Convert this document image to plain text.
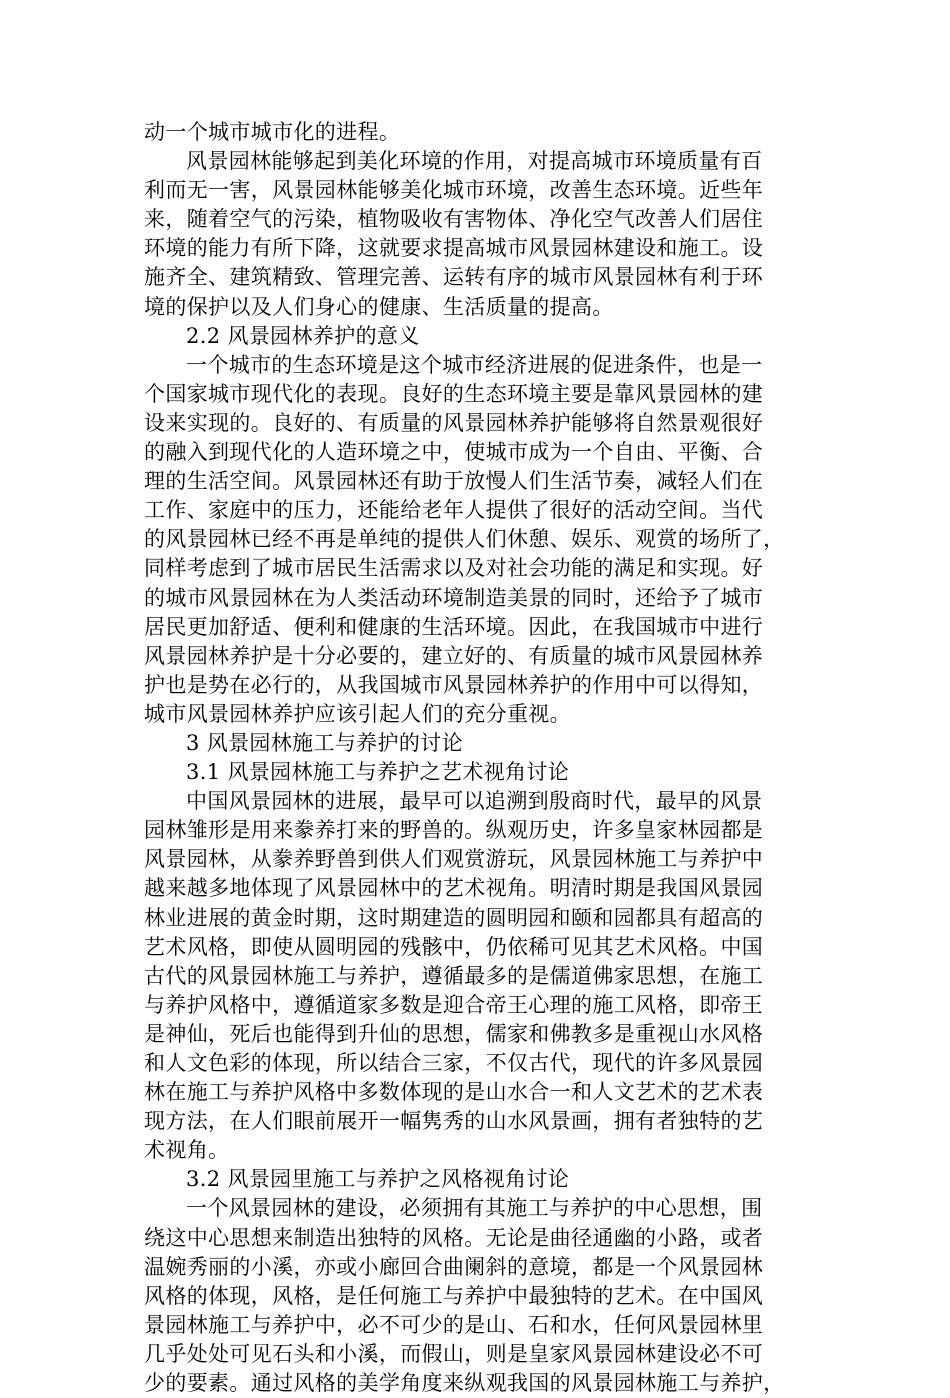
动一个城市城市化的进程。
风景园林能够起到美化环境的作用，对提高城市环境质量有百
利而无一害，风景园林能够美化城市环境，改善生态环境。近些年
来，随着空气的污染，植物吸收有害物体、净化空气改善人们居住
环境的能力有所下降，这就要求提高城市风景园林建设和施工。设
施齐全、建筑精致、管理完善、运转有序的城市风景园林有利于环
境的保护以及人们身心的健康、生活质量的提高。
2.2 风景园林养护的意义
一个城市的生态环境是这个城市经济进展的促进条件，也是一
个国家城市现代化的表现。良好的生态环境主要是靠风景园林的建
设来实现的。良好的、有质量的风景园林养护能够将自然景观很好
的融入到现代化的人造环境之中，使城市成为一个自由、平衡、合
理的生活空间。风景园林还有助于放慢人们生活节奏，减轻人们在
工作、家庭中的压力，还能给老年人提供了很好的活动空间。当代
的风景园林已经不再是单纯的提供人们休憩、娱乐、观赏的场所了，
同样考虑到了城市居民生活需求以及对社会功能的满足和实现。好
的城市风景园林在为人类活动环境制造美景的同时，还给予了城市
居民更加舒适、便利和健康的生活环境。因此，在我国城市中进行
风景园林养护是十分必要的，建立好的、有质量的城市风景园林养
护也是势在必行的，从我国城市风景园林养护的作用中可以得知，
城市风景园林养护应该引起人们的充分重视。
3 风景园林施工与养护的讨论
3.1 风景园林施工与养护之艺术视角讨论
中国风景园林的进展，最早可以追溯到殷商时代，最早的风景
园林雏形是用来豢养打来的野兽的。纵观历史，许多皇家林园都是
风景园林，从豢养野兽到供人们观赏游玩，风景园林施工与养护中
越来越多地体现了风景园林中的艺术视角。明清时期是我国风景园
林业进展的黄金时期，这时期建造的圆明园和颐和园都具有超高的
艺术风格，即使从圆明园的残骸中，仍依稀可见其艺术风格。中国
古代的风景园林施工与养护，遵循最多的是儒道佛家思想，在施工
与养护风格中，遵循道家多数是迎合帝王心理的施工风格，即帝王
是神仙，死后也能得到升仙的思想，儒家和佛教多是重视山水风格
和人文色彩的体现，所以结合三家，不仅古代，现代的许多风景园
林在施工与养护风格中多数体现的是山水合一和人文艺术的艺术表
现方法，在人们眼前展开一幅隽秀的山水风景画，拥有者独特的艺
术视角。
3.2 风景园里施工与养护之风格视角讨论
一个风景园林的建设，必须拥有其施工与养护的中心思想，围
绕这中心思想来制造出独特的风格。无论是曲径通幽的小路，或者
温婉秀丽的小溪，亦或小廊回合曲阑斜的意境，都是一个风景园林
风格的体现，风格，是任何施工与养护中最独特的艺术。在中国风
景园林施工与养护中，必不可少的是山、石和水，任何风景园林里
几乎处处可见石头和小溪，而假山，则是皇家风景园林建设必不可
少的要素。通过风格的美学角度来纵观我国的风景园林施工与养护，
